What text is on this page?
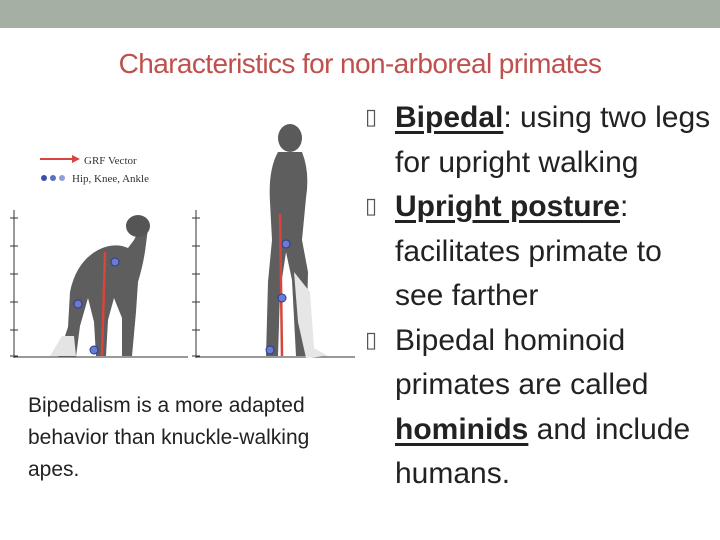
Characteristics for non-arboreal primates
GRF Vector
Hip, Knee, Ankle
Bipedalism is a more adapted behavior than knuckle-walking apes.
▯ Bipedal: using two legs for upright walking
▯ Upright posture: facilitates primate to see farther
▯ Bipedal hominoid primates are called hominids and include humans.
